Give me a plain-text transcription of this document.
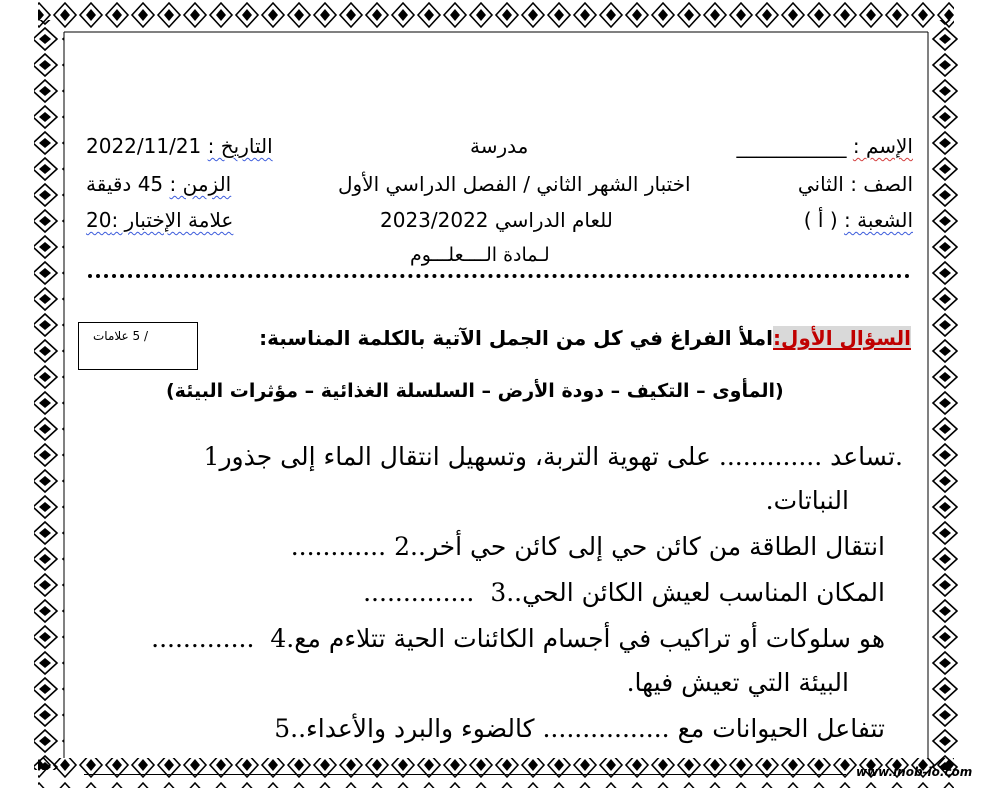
الإسم : ___________
مدرسة
التاريخ : 2022/11/21
الصف : الثاني
اختبار الشهر الثاني / الفصل الدراسي الأول
الزمن : 45 دقيقة
الشعبة : ( أ )
للعام الدراسي 2023/2022
علامة الإختبار :20
لـمادة الــــعلـــوم
السؤال الأول:املأ الفراغ في كل من الجمل الآتية بالكلمة المناسبة:
/ 5 علامات
(المأوى – التكيف – دودة الأرض – السلسلة الغذائية – مؤثرات البيئة)
تساعد ............. على تهوية التربة، وتسهيل انتقال الماء إلى جذور1.
النباتات.
............انتقال الطاقة من كائن حي إلى كائن حي أخر..2
.............. المكان المناسب لعيش الكائن الحي..3
............. هو سلوكات أو تراكيب في أجسام الكائنات الحية تتلاءم مع.4
البيئة التي تعيش فيها.
تتفاعل الحيوانات مع ................ كالضوء والبرد والأعداء..5
www.inob-io.com
